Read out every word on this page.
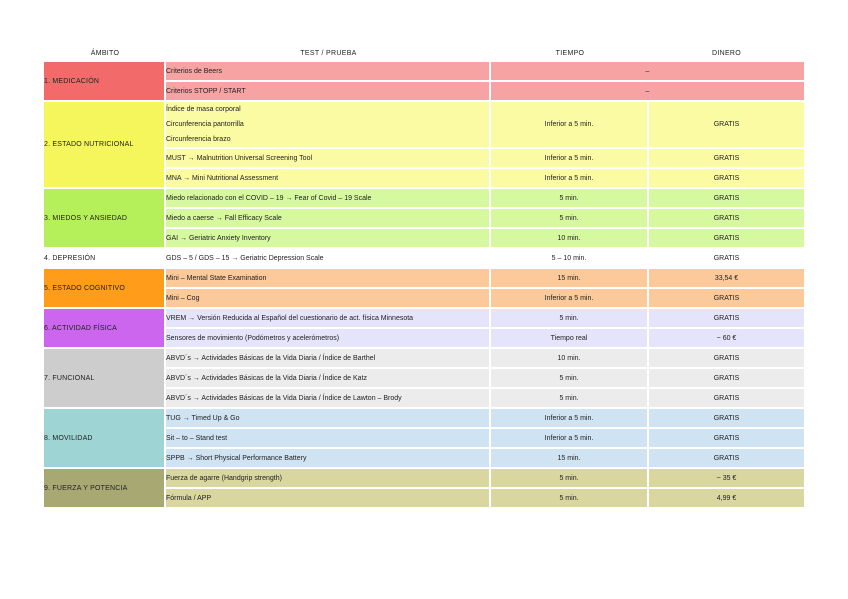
ÁMBITO	TEST / PRUEBA	TIEMPO	DINERO
1. MEDICACIÓN	Criterios de Beers	–	

	Criterios STOPP / START	–	
2. ESTADO NUTRICIONAL	Índice de masa corporal
Circunferencia pantorrilla
Circunferencia brazo	Inferior a 5 min.	GRATIS

	MUST → Malnutrition Universal Screening Tool	Inferior a 5 min.	GRATIS

	MNA → Mini Nutritional Assessment	Inferior a 5 min.	GRATIS
3. MIEDOS Y ANSIEDAD	Miedo relacionado con el COVID – 19 → Fear of Covid – 19 Scale	5 min.	GRATIS

	Miedo a caerse → Fall Efficacy Scale	5 min.	GRATIS

	GAI → Geriatric Anxiety Inventory	10 min.	GRATIS
4. DEPRESIÓN	GDS – 5 / GDS – 15 → Geriatric Depression Scale	5 – 10 min.	GRATIS
5. ESTADO COGNITIVO	Mini – Mental State Examination	15 min.	33,54 €

	Mini – Cog	Inferior a 5 min.	GRATIS
6. ACTIVIDAD FÍSICA	VREM → Versión Reducida al Español del cuestionario de act. física Minnesota	5 min.	GRATIS

	Sensores de movimiento (Podómetros y acelerómetros)	Tiempo real	~ 60 €
7. FUNCIONAL	ABVD´s → Actividades Básicas de la Vida Diaria / Índice de Barthel	10 min.	GRATIS

	ABVD´s → Actividades Básicas de la Vida Diaria / Índice de Katz	5 min.	GRATIS

	ABVD´s → Actividades Básicas de la Vida Diaria / Índice de Lawton – Brody	5 min.	GRATIS
8. MOVILIDAD	TUG → Timed Up & Go	Inferior a 5 min.	GRATIS

	Sit – to – Stand test	Inferior a 5 min.	GRATIS

	SPPB → Short Physical Performance Battery	15 min.	GRATIS
9. FUERZA Y POTENCIA	Fuerza de agarre (Handgrip strength)	5 min.	~ 35 €

	Fórmula / APP	5 min.	4,99 €
